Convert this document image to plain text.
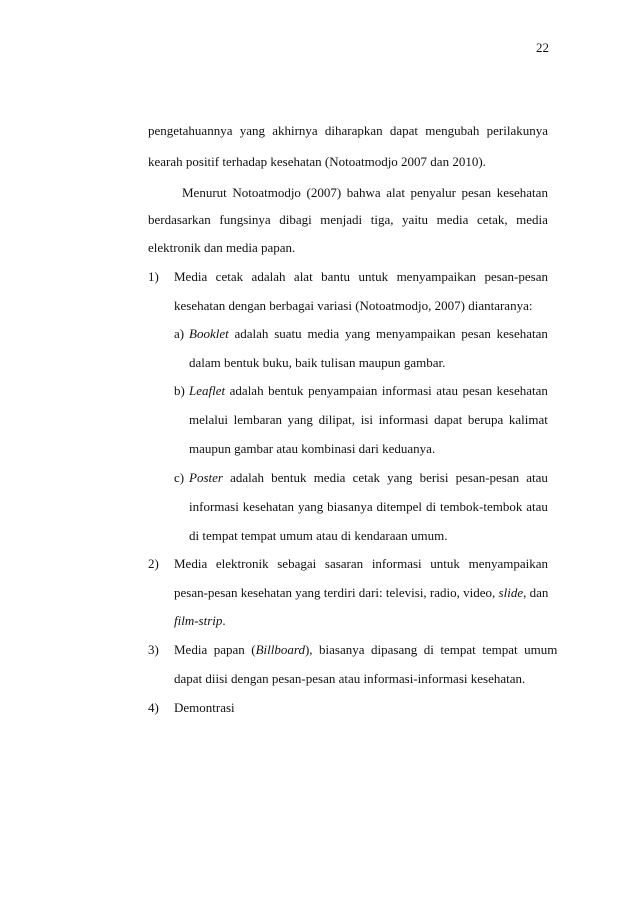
22
pengetahuannya yang akhirnya diharapkan dapat mengubah perilakunya
kearah positif terhadap kesehatan (Notoatmodjo 2007 dan 2010).
Menurut Notoatmodjo (2007) bahwa alat penyalur pesan kesehatan
berdasarkan fungsinya dibagi menjadi tiga, yaitu media cetak, media
elektronik dan media papan.
1) Media cetak adalah alat bantu untuk menyampaikan pesan-pesan
kesehatan dengan berbagai variasi (Notoatmodjo, 2007) diantaranya:
a) Booklet adalah suatu media yang menyampaikan pesan kesehatan
dalam bentuk buku, baik tulisan maupun gambar.
b) Leaflet adalah bentuk penyampaian informasi atau pesan kesehatan
melalui lembaran yang dilipat, isi informasi dapat berupa kalimat
maupun gambar atau kombinasi dari keduanya.
c) Poster adalah bentuk media cetak yang berisi pesan-pesan atau
informasi kesehatan yang biasanya ditempel di tembok-tembok atau
di tempat tempat umum atau di kendaraan umum.
2) Media elektronik sebagai sasaran informasi untuk menyampaikan
pesan-pesan kesehatan yang terdiri dari: televisi, radio, video, slide, dan
film-strip.
3) Media  papan  (Billboard),  biasanya  dipasang  di  tempat  tempat  umum
dapat diisi dengan pesan-pesan atau informasi-informasi kesehatan.
4) Demontrasi
